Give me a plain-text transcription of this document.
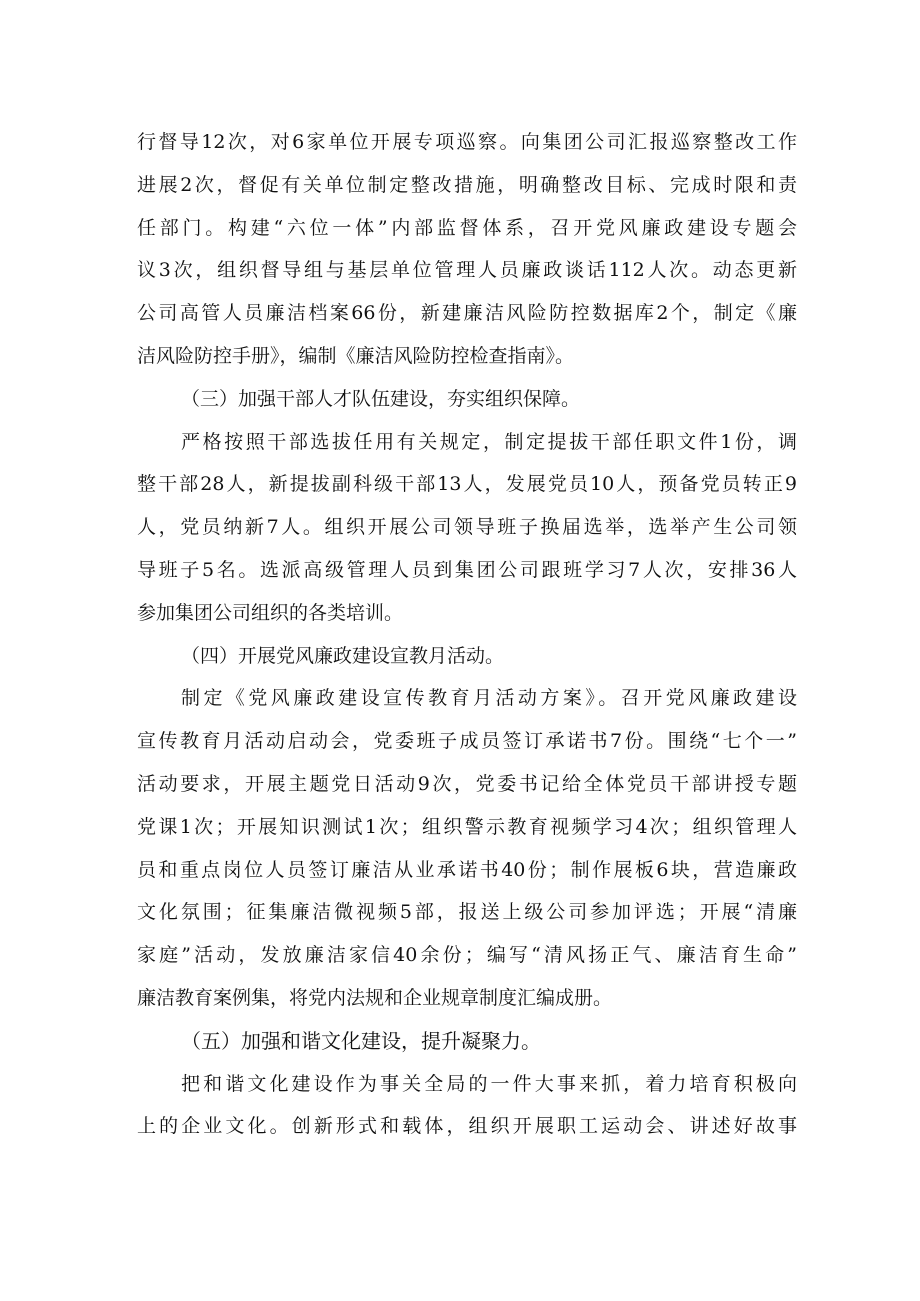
行督导12次，对6家单位开展专项巡察。向集团公司汇报巡察整改工作
进展2次，督促有关单位制定整改措施，明确整改目标、完成时限和责
任部门。构建“六位一体”内部监督体系，召开党风廉政建设专题会
议3次，组织督导组与基层单位管理人员廉政谈话112人次。动态更新
公司高管人员廉洁档案66份，新建廉洁风险防控数据库2个，制定《廉
洁风险防控手册》，编制《廉洁风险防控检查指南》。
（三）加强干部人才队伍建设，夯实组织保障。
严格按照干部选拔任用有关规定，制定提拔干部任职文件1份，调
整干部28人，新提拔副科级干部13人，发展党员10人，预备党员转正9
人，党员纳新7人。组织开展公司领导班子换届选举，选举产生公司领
导班子5名。选派高级管理人员到集团公司跟班学习7人次，安排36人
参加集团公司组织的各类培训。
（四）开展党风廉政建设宣教月活动。
制定《党风廉政建设宣传教育月活动方案》。召开党风廉政建设
宣传教育月活动启动会，党委班子成员签订承诺书7份。围绕“七个一”
活动要求，开展主题党日活动9次，党委书记给全体党员干部讲授专题
党课1次；开展知识测试1次；组织警示教育视频学习4次；组织管理人
员和重点岗位人员签订廉洁从业承诺书40份；制作展板6块，营造廉政
文化氛围；征集廉洁微视频5部，报送上级公司参加评选；开展“清廉
家庭”活动，发放廉洁家信40余份；编写“清风扬正气、廉洁育生命”
廉洁教育案例集，将党内法规和企业规章制度汇编成册。
（五）加强和谐文化建设，提升凝聚力。
把和谐文化建设作为事关全局的一件大事来抓，着力培育积极向
上的企业文化。创新形式和载体，组织开展职工运动会、讲述好故事
